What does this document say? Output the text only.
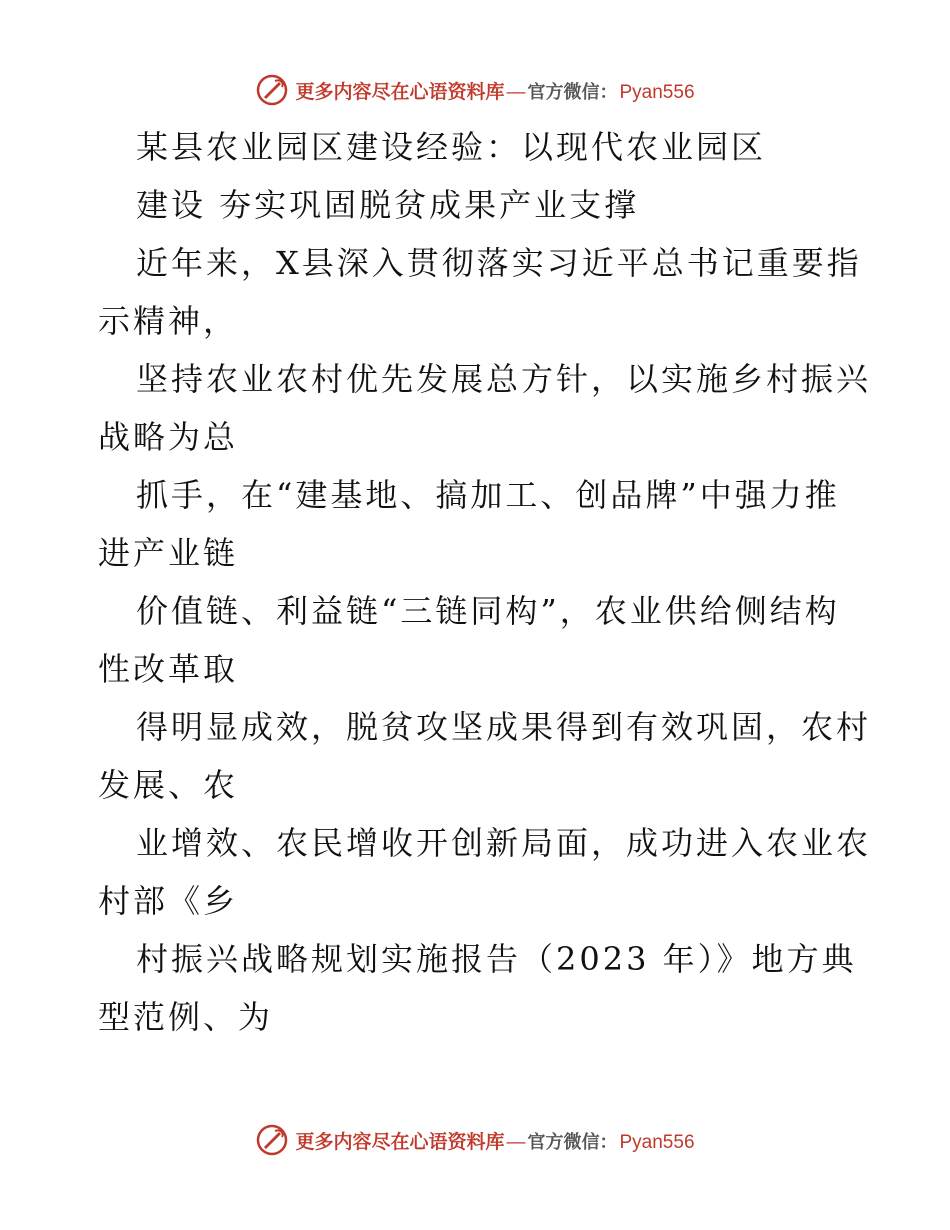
更多内容尽在心语资料库 — 官方微信： Pyan556
某县农业园区建设经验：以现代农业园区
建设 夯实巩固脱贫成果产业支撑
近年来，X县深入贯彻落实习近平总书记重要指
示精神，
坚持农业农村优先发展总方针，以实施乡村振兴
战略为总
抓手，在“建基地、搞加工、创品牌”中强力推
进产业链
价值链、利益链“三链同构”，农业供给侧结构
性改革取
得明显成效，脱贫攻坚成果得到有效巩固，农村
发展、农
业增效、农民增收开创新局面，成功进入农业农
村部《乡
村振兴战略规划实施报告（2023 年）》地方典
型范例、为
更多内容尽在心语资料库 — 官方微信： Pyan556
